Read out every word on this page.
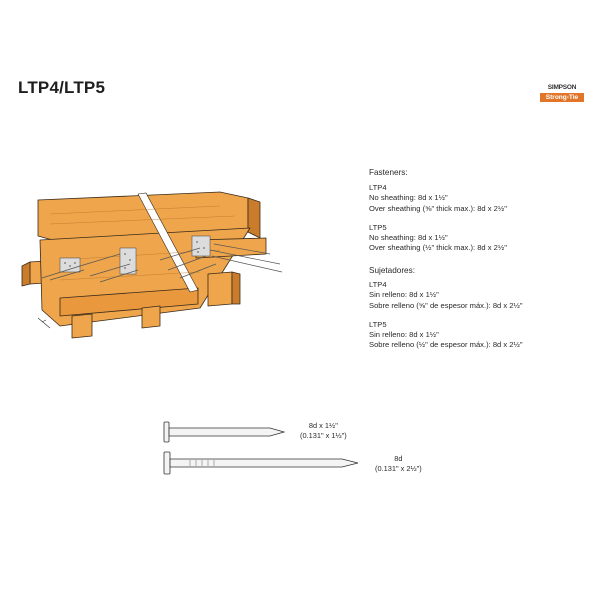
LTP4/LTP5	SIMPSON
Strong-Tie
Fasteners:
LTP4
No sheathing: 8d x 1½"
Over sheathing (⅝" thick max.): 8d x 2½"
LTP5
No sheathing: 8d x 1½"
Over sheathing (½" thick max.): 8d x 2½"
Sujetadores:
LTP4
Sin relleno: 8d x 1½"
Sobre relleno (⅝" de espesor máx.): 8d x 2½"
LTP5
Sin relleno: 8d x 1½"
Sobre relleno (½" de espesor máx.): 8d x 2½"
8d x 1½"
(0.131" x 1½")
8d
(0.131" x 2½")
